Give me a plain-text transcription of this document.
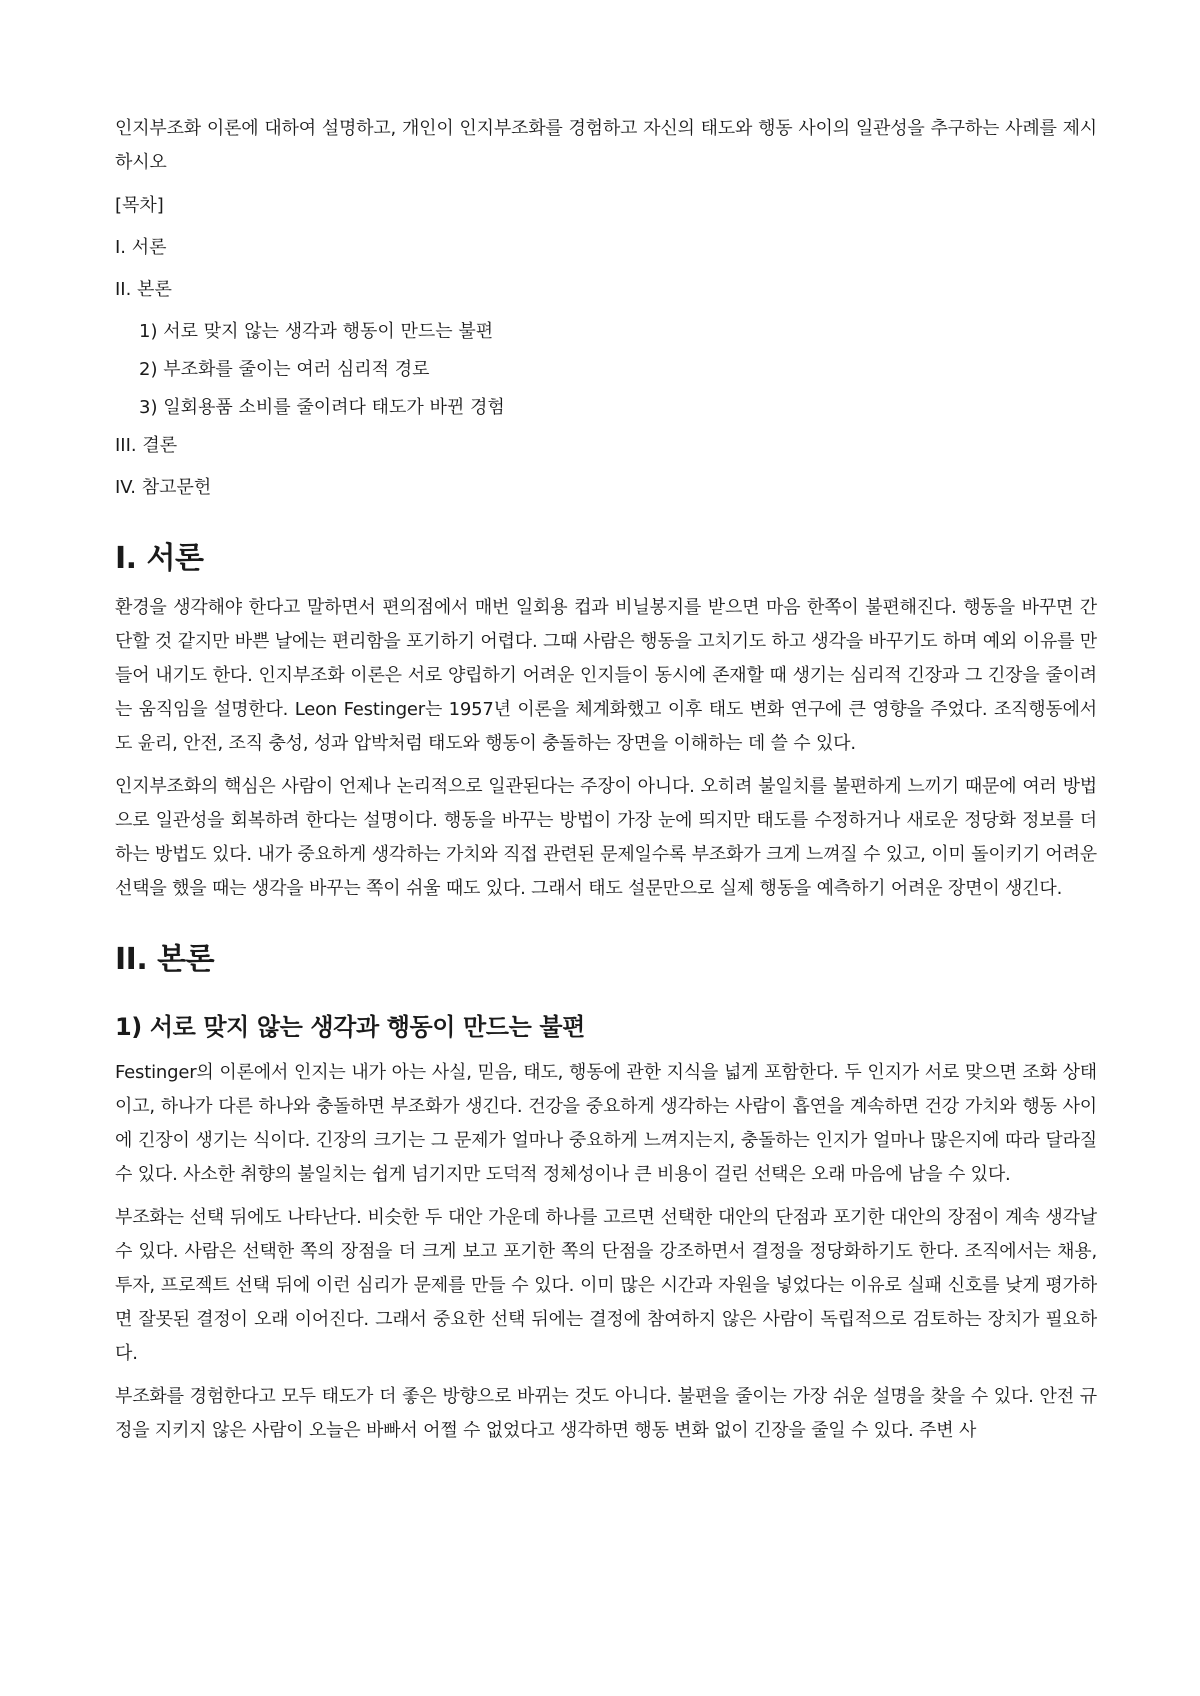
인지부조화 이론에 대하여 설명하고, 개인이 인지부조화를 경험하고 자신의 태도와 행동 사이의 일관성을 추구하는 사례를 제시하시오

[목차]
I. 서론
II. 본론
1) 서로 맞지 않는 생각과 행동이 만드는 불편
2) 부조화를 줄이는 여러 심리적 경로
3) 일회용품 소비를 줄이려다 태도가 바뀐 경험
III. 결론
IV. 참고문헌
I. 서론

환경을 생각해야 한다고 말하면서 편의점에서 매번 일회용 컵과 비닐봉지를 받으면 마음 한쪽이 불편해진다. 행동을 바꾸면 간단할 것 같지만 바쁜 날에는 편리함을 포기하기 어렵다. 그때 사람은 행동을 고치기도 하고 생각을 바꾸기도 하며 예외 이유를 만들어 내기도 한다. 인지부조화 이론은 서로 양립하기 어려운 인지들이 동시에 존재할 때 생기는 심리적 긴장과 그 긴장을 줄이려는 움직임을 설명한다. Leon Festinger는 1957년 이론을 체계화했고 이후 태도 변화 연구에 큰 영향을 주었다. 조직행동에서도 윤리, 안전, 조직 충성, 성과 압박처럼 태도와 행동이 충돌하는 장면을 이해하는 데 쓸 수 있다.

인지부조화의 핵심은 사람이 언제나 논리적으로 일관된다는 주장이 아니다. 오히려 불일치를 불편하게 느끼기 때문에 여러 방법으로 일관성을 회복하려 한다는 설명이다. 행동을 바꾸는 방법이 가장 눈에 띄지만 태도를 수정하거나 새로운 정당화 정보를 더하는 방법도 있다. 내가 중요하게 생각하는 가치와 직접 관련된 문제일수록 부조화가 크게 느껴질 수 있고, 이미 돌이키기 어려운 선택을 했을 때는 생각을 바꾸는 쪽이 쉬울 때도 있다. 그래서 태도 설문만으로 실제 행동을 예측하기 어려운 장면이 생긴다.

II. 본론
1) 서로 맞지 않는 생각과 행동이 만드는 불편

Festinger의 이론에서 인지는 내가 아는 사실, 믿음, 태도, 행동에 관한 지식을 넓게 포함한다. 두 인지가 서로 맞으면 조화 상태이고, 하나가 다른 하나와 충돌하면 부조화가 생긴다. 건강을 중요하게 생각하는 사람이 흡연을 계속하면 건강 가치와 행동 사이에 긴장이 생기는 식이다. 긴장의 크기는 그 문제가 얼마나 중요하게 느껴지는지, 충돌하는 인지가 얼마나 많은지에 따라 달라질 수 있다. 사소한 취향의 불일치는 쉽게 넘기지만 도덕적 정체성이나 큰 비용이 걸린 선택은 오래 마음에 남을 수 있다.

부조화는 선택 뒤에도 나타난다. 비슷한 두 대안 가운데 하나를 고르면 선택한 대안의 단점과 포기한 대안의 장점이 계속 생각날 수 있다. 사람은 선택한 쪽의 장점을 더 크게 보고 포기한 쪽의 단점을 강조하면서 결정을 정당화하기도 한다. 조직에서는 채용, 투자, 프로젝트 선택 뒤에 이런 심리가 문제를 만들 수 있다. 이미 많은 시간과 자원을 넣었다는 이유로 실패 신호를 낮게 평가하면 잘못된 결정이 오래 이어진다. 그래서 중요한 선택 뒤에는 결정에 참여하지 않은 사람이 독립적으로 검토하는 장치가 필요하다.

부조화를 경험한다고 모두 태도가 더 좋은 방향으로 바뀌는 것도 아니다. 불편을 줄이는 가장 쉬운 설명을 찾을 수 있다. 안전 규정을 지키지 않은 사람이 오늘은 바빠서 어쩔 수 없었다고 생각하면 행동 변화 없이 긴장을 줄일 수 있다. 주변 사
